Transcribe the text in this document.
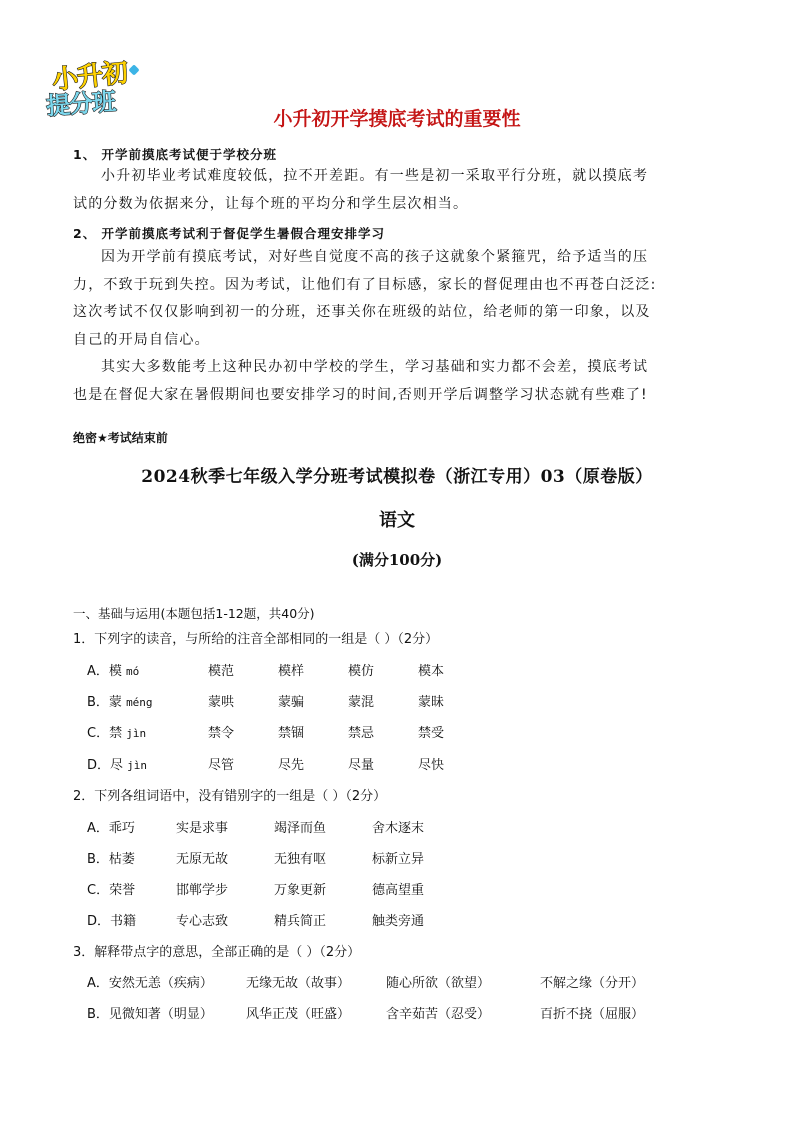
小升初
提分班	小升初开学摸底考试的重要性
1、 开学前摸底考试便于学校分班
小升初毕业考试难度较低，拉不开差距。有一些是初一采取平行分班，就以摸底考
试的分数为依据来分，让每个班的平均分和学生层次相当。
2、 开学前摸底考试利于督促学生暑假合理安排学习
因为开学前有摸底考试，对好些自觉度不高的孩子这就象个紧箍咒，给予适当的压
力，不致于玩到失控。因为考试，让他们有了目标感，家长的督促理由也不再苍白泛泛:
这次考试不仅仅影响到初一的分班，还事关你在班级的站位，给老师的第一印象，以及
自己的开局自信心。
其实大多数能考上这种民办初中学校的学生，学习基础和实力都不会差，摸底考试
也是在督促大家在暑假期间也要安排学习的时间,否则开学后调整学习状态就有些难了!
绝密★考试结束前
2024秋季七年级入学分班考试模拟卷（浙江专用）03（原卷版）
语文
(满分100分)
一、基础与运用(本题包括1-12题，共40分)
1．下列字的读音，与所给的注音全部相同的一组是（ ）（2分）
A．模 mó	模范	模样	模仿	模本
B．蒙 méng	蒙哄	蒙骗	蒙混	蒙昧
C．禁 jìn	禁令	禁锢	禁忌	禁受
D．尽 jìn	尽管	尽先	尽量	尽快
2．下列各组词语中，没有错别字的一组是（ ）（2分）
A．乖巧	实是求事	竭泽而鱼	舍木逐末
B．枯萎	无原无故	无独有呕	标新立异
C．荣誉	邯郸学步	万象更新	德高望重
D．书籍	专心志致	精兵简正	触类旁通
3．解释带点字的意思，全部正确的是（ ）（2分）
A．安然无恙（疾病）	无缘无故（故事）	随心所欲（欲望）	不解之缘（分开）
B．见微知著（明显）	风华正茂（旺盛）	含辛茹苦（忍受）	百折不挠（屈服）
